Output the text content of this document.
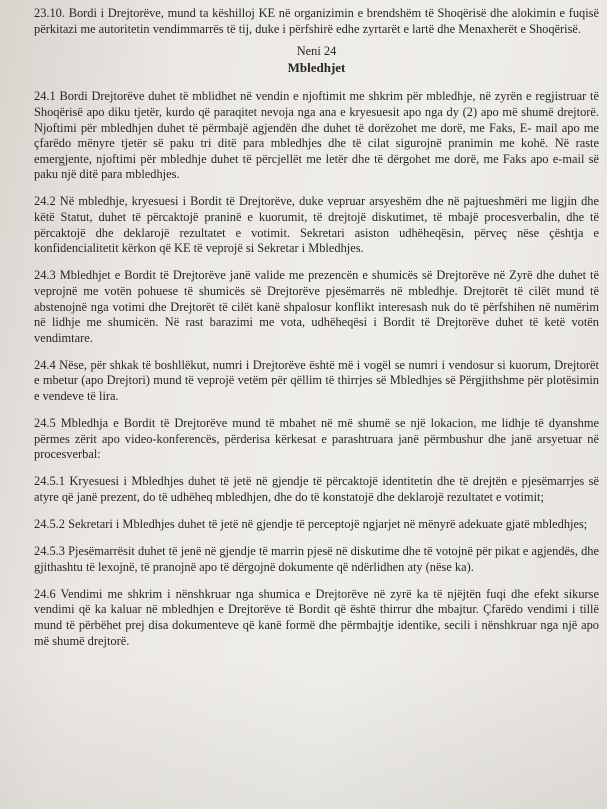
23.10. Bordi i Drejtorëve, mund ta këshilloj KE në organizimin e brendshëm të Shoqërisë dhe alokimin e fuqisë përkitazi me autoritetin vendimmarrës të tij, duke i përfshirë edhe zyrtarët e lartë dhe Menaxherët e Shoqërisë.

Neni 24
Mbledhjet

24.1 Bordi Drejtorëve duhet të mblidhet në vendin e njoftimit me shkrim për mbledhje, në zyrën e regjistruar të Shoqërisë apo diku tjetër, kurdo që paraqitet nevoja nga ana e kryesuesit apo nga dy (2) apo më shumë drejtorë. Njoftimi për mbledhjen duhet të përmbajë agjendën dhe duhet të dorëzohet me dorë, me Faks, E- mail apo me çfarëdo mënyre tjetër së paku tri ditë para mbledhjes dhe të cilat sigurojnë pranimin me kohë. Në raste emergjente, njoftimi për mbledhje duhet të përcjellët me letër dhe të dërgohet me dorë, me Faks apo e-mail së paku një ditë para mbledhjes.

24.2 Në mbledhje, kryesuesi i Bordit të Drejtorëve, duke vepruar arsyeshëm dhe në pajtueshmëri me ligjin dhe këtë Statut, duhet të përcaktojë praninë e kuorumit, të drejtojë diskutimet, të mbajë procesverbalin, dhe të përcaktojë dhe deklarojë rezultatet e votimit. Sekretari asiston udhëheqësin, përveç nëse çështja e konfidencialitetit kërkon që KE të veprojë si Sekretar i Mbledhjes.

24.3 Mbledhjet e Bordit të Drejtorëve janë valide me prezencën e shumicës së Drejtorëve në Zyrë dhe duhet të veprojnë me votën pohuese të shumicës së Drejtorëve pjesëmarrës në mbledhje. Drejtorët të cilët mund të abstenojnë nga votimi dhe Drejtorët të cilët kanë shpalosur konflikt interesash nuk do të përfshihen në numërim në lidhje me shumicën. Në rast barazimi me vota, udhëheqësi i Bordit të Drejtorëve duhet të ketë votën vendimtare.

24.4 Nëse, për shkak të boshllëkut, numri i Drejtorëve është më i vogël se numri i vendosur si kuorum, Drejtorët e mbetur (apo Drejtori) mund të veprojë vetëm për qëllim të thirrjes së Mbledhjes së Përgjithshme për plotësimin e vendeve të lira.

24.5 Mbledhja e Bordit të Drejtorëve mund të mbahet në më shumë se një lokacion, me lidhje të dyanshme përmes zërit apo video-konferencës, përderisa kërkesat e parashtruara janë përmbushur dhe janë arsyetuar në procesverbal:

24.5.1 Kryesuesi i Mbledhjes duhet të jetë në gjendje të përcaktojë identitetin dhe të drejtën e pjesëmarrjes së atyre që janë prezent, do të udhëheq mbledhjen, dhe do të konstatojë dhe deklarojë rezultatet e votimit;

24.5.2 Sekretari i Mbledhjes duhet të jetë në gjendje të perceptojë ngjarjet në mënyrë adekuate gjatë mbledhjes;

24.5.3 Pjesëmarrësit duhet të jenë në gjendje të marrin pjesë në diskutime dhe të votojnë për pikat e agjendës, dhe gjithashtu të lexojnë, të pranojnë apo të dërgojnë dokumente që ndërlidhen aty (nëse ka).

24.6 Vendimi me shkrim i nënshkruar nga shumica e Drejtorëve në zyrë ka të njëjtën fuqi dhe efekt sikurse vendimi që ka kaluar në mbledhjen e Drejtorëve të Bordit që është thirrur dhe mbajtur. Çfarëdo vendimi i tillë mund të përbëhet prej disa dokumenteve që kanë formë dhe përmbajtje identike, secili i nënshkruar nga një apo më shumë drejtorë.
